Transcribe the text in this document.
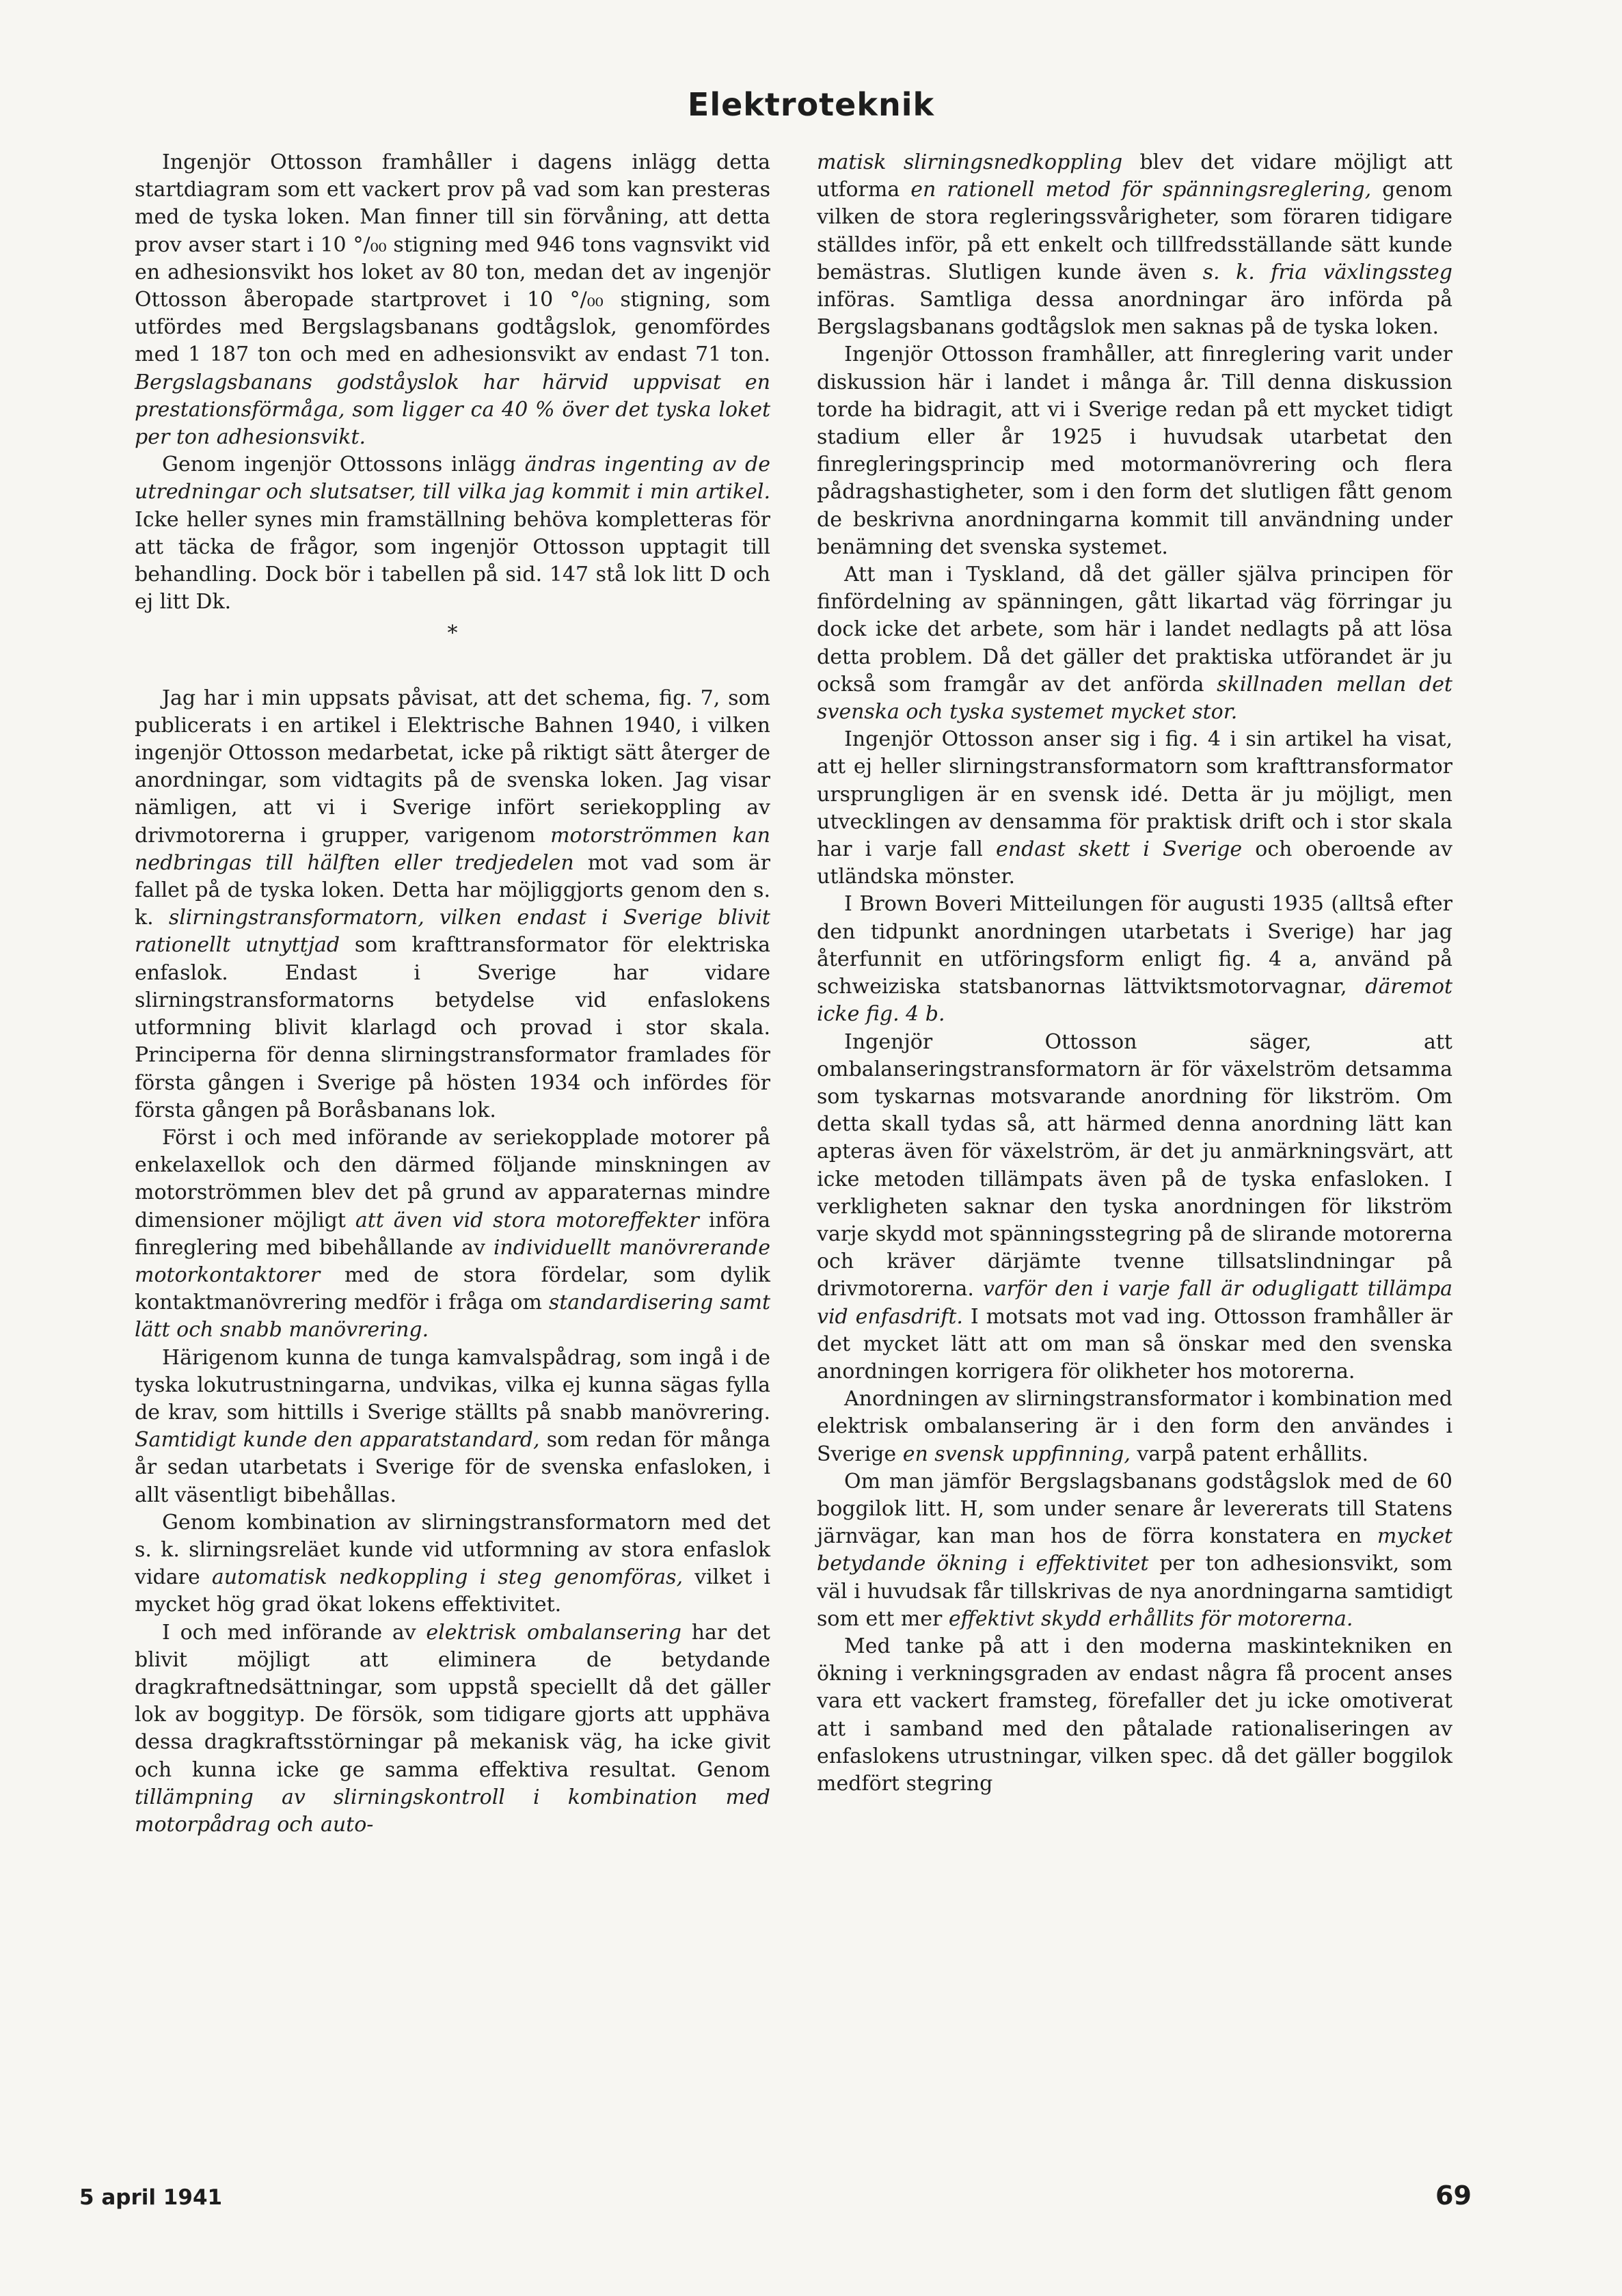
Elektroteknik

Ingenjör Ottosson framhåller i dagens inlägg detta startdiagram som ett vackert prov på vad som kan presteras med de tyska loken. Man finner till sin förvåning, att detta prov avser start i 10 °/₀₀ stigning med 946 tons vagnsvikt vid en adhesionsvikt hos loket av 80 ton, medan det av ingenjör Ottosson åberopade startprovet i 10 °/₀₀ stigning, som utfördes med Bergslagsbanans godtågslok, genomfördes med 1 187 ton och med en adhesionsvikt av endast 71 ton. Bergslagsbanans godståyslok har härvid uppvisat en prestationsförmåga, som ligger ca 40 % över det tyska loket per ton adhesionsvikt.

Genom ingenjör Ottossons inlägg ändras ingenting av de utredningar och slutsatser, till vilka jag kommit i min artikel. Icke heller synes min framställning behöva kompletteras för att täcka de frågor, som ingenjör Ottosson upptagit till behandling. Dock bör i tabellen på sid. 147 stå lok litt D och ej litt Dk.

*

Jag har i min uppsats påvisat, att det schema, fig. 7, som publicerats i en artikel i Elektrische Bahnen 1940, i vilken ingenjör Ottosson medarbetat, icke på riktigt sätt återger de anordningar, som vidtagits på de svenska loken. Jag visar nämligen, att vi i Sverige infört seriekoppling av drivmotorerna i grupper, varigenom motorströmmen kan nedbringas till hälften eller tredjedelen mot vad som är fallet på de tyska loken. Detta har möjliggjorts genom den s. k. slirningstransformatorn, vilken endast i Sverige blivit rationellt utnyttjad som krafttransformator för elektriska enfaslok. Endast i Sverige har vidare slirningstransformatorns betydelse vid enfaslokens utformning blivit klarlagd och provad i stor skala. Principerna för denna slirningstransformator framlades för första gången i Sverige på hösten 1934 och infördes för första gången på Boråsbanans lok.

Först i och med införande av seriekopplade motorer på enkelaxellok och den därmed följande minskningen av motorströmmen blev det på grund av apparaternas mindre dimensioner möjligt att även vid stora motoreffekter införa finreglering med bibehållande av individuellt manövrerande motorkontaktorer med de stora fördelar, som dylik kontaktmanövrering medför i fråga om standardisering samt lätt och snabb manövrering.

Härigenom kunna de tunga kamvalspådrag, som ingå i de tyska lokutrustningarna, undvikas, vilka ej kunna sägas fylla de krav, som hittills i Sverige ställts på snabb manövrering. Samtidigt kunde den apparatstandard, som redan för många år sedan utarbetats i Sverige för de svenska enfasloken, i allt väsentligt bibehållas.

Genom kombination av slirningstransformatorn med det s. k. slirningsreläet kunde vid utformning av stora enfaslok vidare automatisk nedkoppling i steg genomföras, vilket i mycket hög grad ökat lokens effektivitet.

I och med införande av elektrisk ombalansering har det blivit möjligt att eliminera de betydande dragkraftnedsättningar, som uppstå speciellt då det gäller lok av boggityp. De försök, som tidigare gjorts att upphäva dessa dragkraftsstörningar på mekanisk väg, ha icke givit och kunna icke ge samma effektiva resultat. Genom tillämpning av slirningskontroll i kombination med motorpådrag och auto-

matisk slirningsnedkoppling blev det vidare möjligt att utforma en rationell metod för spänningsreglering, genom vilken de stora regleringssvårigheter, som föraren tidigare ställdes inför, på ett enkelt och tillfredsställande sätt kunde bemästras. Slutligen kunde även s. k. fria växlingssteg införas. Samtliga dessa anordningar äro införda på Bergslagsbanans godtågslok men saknas på de tyska loken.

Ingenjör Ottosson framhåller, att finreglering varit under diskussion här i landet i många år. Till denna diskussion torde ha bidragit, att vi i Sverige redan på ett mycket tidigt stadium eller år 1925 i huvudsak utarbetat den finregleringsprincip med motormanövrering och flera pådragshastigheter, som i den form det slutligen fått genom de beskrivna anordningarna kommit till användning under benämning det svenska systemet.

Att man i Tyskland, då det gäller själva principen för finfördelning av spänningen, gått likartad väg förringar ju dock icke det arbete, som här i landet nedlagts på att lösa detta problem. Då det gäller det praktiska utförandet är ju också som framgår av det anförda skillnaden mellan det svenska och tyska systemet mycket stor.

Ingenjör Ottosson anser sig i fig. 4 i sin artikel ha visat, att ej heller slirningstransformatorn som krafttransformator ursprungligen är en svensk idé. Detta är ju möjligt, men utvecklingen av densamma för praktisk drift och i stor skala har i varje fall endast skett i Sverige och oberoende av utländska mönster.

I Brown Boveri Mitteilungen för augusti 1935 (alltså efter den tidpunkt anordningen utarbetats i Sverige) har jag återfunnit en utföringsform enligt fig. 4 a, använd på schweiziska statsbanornas lättviktsmotorvagnar, däremot icke fig. 4 b.

Ingenjör Ottosson säger, att ombalanseringstransformatorn är för växelström detsamma som tyskarnas motsvarande anordning för likström. Om detta skall tydas så, att härmed denna anordning lätt kan apteras även för växelström, är det ju anmärkningsvärt, att icke metoden tillämpats även på de tyska enfasloken. I verkligheten saknar den tyska anordningen för likström varje skydd mot spänningsstegring på de slirande motorerna och kräver därjämte tvenne tillsatslindningar på drivmotorerna. varför den i varje fall är odugligatt tillämpa vid enfasdrift. I motsats mot vad ing. Ottosson framhåller är det mycket lätt att om man så önskar med den svenska anordningen korrigera för olikheter hos motorerna.

Anordningen av slirningstransformator i kombination med elektrisk ombalansering är i den form den användes i Sverige en svensk uppfinning, varpå patent erhållits.

Om man jämför Bergslagsbanans godstågslok med de 60 boggilok litt. H, som under senare år levererats till Statens järnvägar, kan man hos de förra konstatera en mycket betydande ökning i effektivitet per ton adhesionsvikt, som väl i huvudsak får tillskrivas de nya anordningarna samtidigt som ett mer effektivt skydd erhållits för motorerna.

Med tanke på att i den moderna maskintekniken en ökning i verkningsgraden av endast några få procent anses vara ett vackert framsteg, förefaller det ju icke omotiverat att i samband med den påtalade rationaliseringen av enfaslokens utrustningar, vilken spec. då det gäller boggilok medfört stegring

5 april 1941	69
